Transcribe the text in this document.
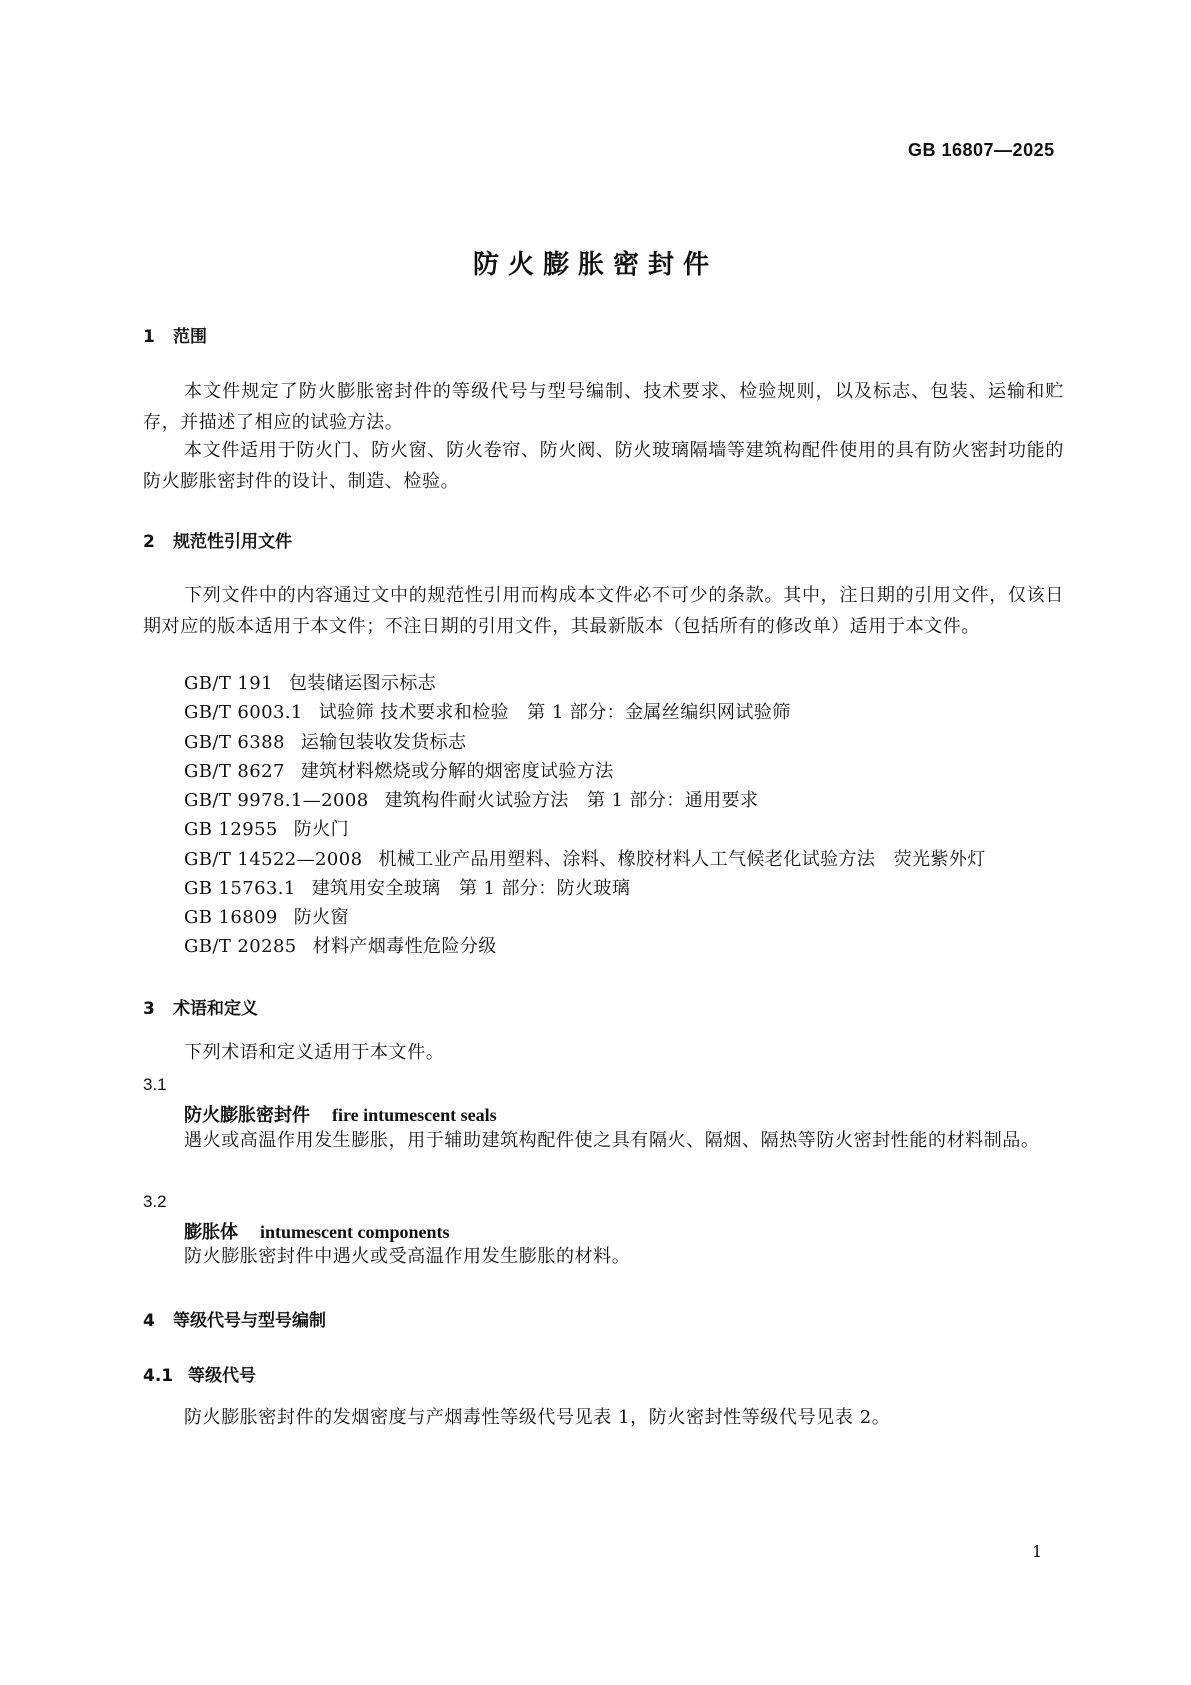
GB 16807—2025
防火膨胀密封件
1 范围
本文件规定了防火膨胀密封件的等级代号与型号编制、技术要求、检验规则，以及标志、包装、运输和贮存，并描述了相应的试验方法。
本文件适用于防火门、防火窗、防火卷帘、防火阀、防火玻璃隔墙等建筑构配件使用的具有防火密封功能的防火膨胀密封件的设计、制造、检验。
2 规范性引用文件
下列文件中的内容通过文中的规范性引用而构成本文件必不可少的条款。其中，注日期的引用文件，仅该日期对应的版本适用于本文件；不注日期的引用文件，其最新版本（包括所有的修改单）适用于本文件。
GB/T 191 包装储运图示标志
GB/T 6003.1 试验筛 技术要求和检验　第 1 部分：金属丝编织网试验筛
GB/T 6388 运输包装收发货标志
GB/T 8627 建筑材料燃烧或分解的烟密度试验方法
GB/T 9978.1—2008 建筑构件耐火试验方法　第 1 部分：通用要求
GB 12955 防火门
GB/T 14522—2008 机械工业产品用塑料、涂料、橡胶材料人工气候老化试验方法　荧光紫外灯
GB 15763.1 建筑用安全玻璃　第 1 部分：防火玻璃
GB 16809 防火窗
GB/T 20285 材料产烟毒性危险分级
3 术语和定义
下列术语和定义适用于本文件。
3.1
防火膨胀密封件 fire intumescent seals
遇火或高温作用发生膨胀，用于辅助建筑构配件使之具有隔火、隔烟、隔热等防火密封性能的材料制品。
3.2
膨胀体 intumescent components
防火膨胀密封件中遇火或受高温作用发生膨胀的材料。
4 等级代号与型号编制
4.1 等级代号
防火膨胀密封件的发烟密度与产烟毒性等级代号见表 1，防火密封性等级代号见表 2。
1
